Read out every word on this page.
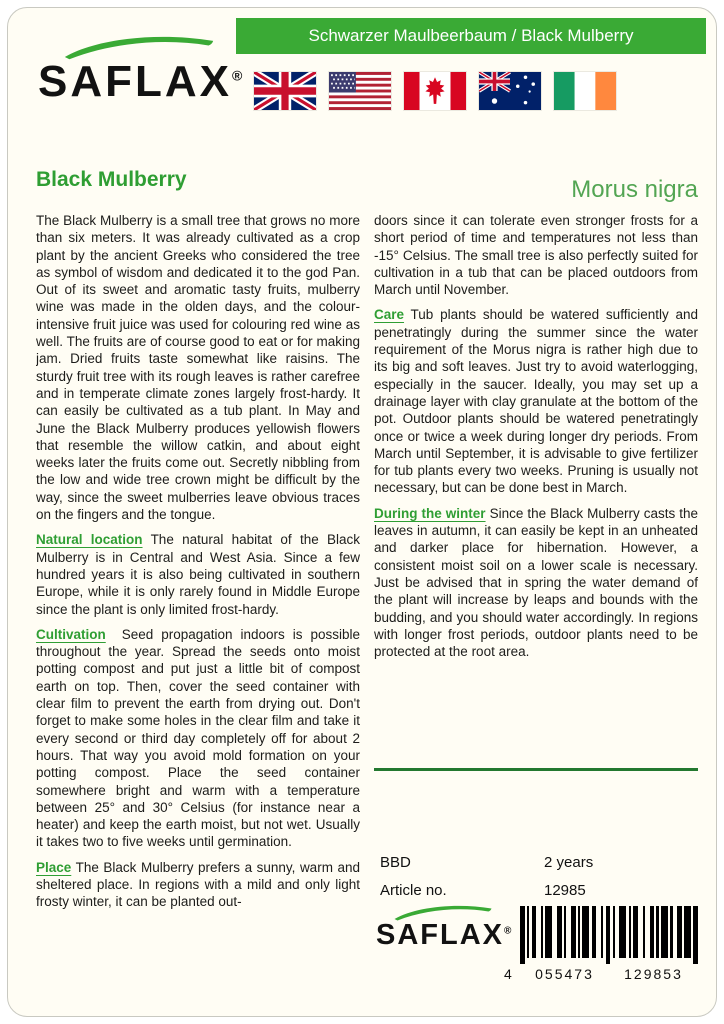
Schwarzer Maulbeerbaum / Black Mulberry
SAFLAX®
Black Mulberry	Morus nigra

The Black Mulberry is a small tree that grows no more than six meters. It was already cultivated as a crop plant by the ancient Greeks who considered the tree as symbol of wisdom and dedicated it to the god Pan. Out of its sweet and aromatic tasty fruits, mulberry wine was made in the olden days, and the colour-intensive fruit juice was used for colouring red wine as well. The fruits are of course good to eat or for making jam. Dried fruits taste somewhat like raisins. The sturdy fruit tree with its rough leaves is rather carefree and in temperate climate zones largely frost-hardy. It can easily be cultivated as a tub plant. In May and June the Black Mulberry produces yellowish flowers that resemble the willow catkin, and about eight weeks later the fruits come out. Secretly nibbling from the low and wide tree crown might be difficult by the way, since the sweet mulberries leave obvious traces on the fingers and the tongue.

Natural location The natural habitat of the Black Mulberry is in Central and West Asia. Since a few hundred years it is also being cultivated in southern Europe, while it is only rarely found in Middle Europe since the plant is only limited frost-hardy.

Cultivation Seed propagation indoors is possible throughout the year. Spread the seeds onto moist potting compost and put just a little bit of compost earth on top. Then, cover the seed container with clear film to prevent the earth from drying out. Don't forget to make some holes in the clear film and take it every second or third day completely off for about 2 hours. That way you avoid mold formation on your potting compost. Place the seed container somewhere bright and warm with a temperature between 25° and 30° Celsius (for instance near a heater) and keep the earth moist, but not wet. Usually it takes two to five weeks until germination.

Place The Black Mulberry prefers a sunny, warm and sheltered place. In regions with a mild and only light frosty winter, it can be planted out-

doors since it can tolerate even stronger frosts for a short period of time and temperatures not less than -15° Celsius. The small tree is also perfectly suited for cultivation in a tub that can be placed outdoors from March until November.

Care Tub plants should be watered sufficiently and penetratingly during the summer since the water requirement of the Morus nigra is rather high due to its big and soft leaves. Just try to avoid waterlogging, especially in the saucer. Ideally, you may set up a drainage layer with clay granulate at the bottom of the pot. Outdoor plants should be watered penetratingly once or twice a week during longer dry periods. From March until September, it is advisable to give fertilizer for tub plants every two weeks. Pruning is usually not necessary, but can be done best in March.

During the winter Since the Black Mulberry casts the leaves in autumn, it can easily be kept in an unheated and darker place for hibernation. However, a consistent moist soil on a lower scale is necessary. Just be advised that in spring the water demand of the plant will increase by leaps and bounds with the budding, and you should water accordingly. In regions with longer frost periods, outdoor plants need to be protected at the root area.

BBD	2 years
Article no.	12985
SAFLAX®
4	055473	129853
